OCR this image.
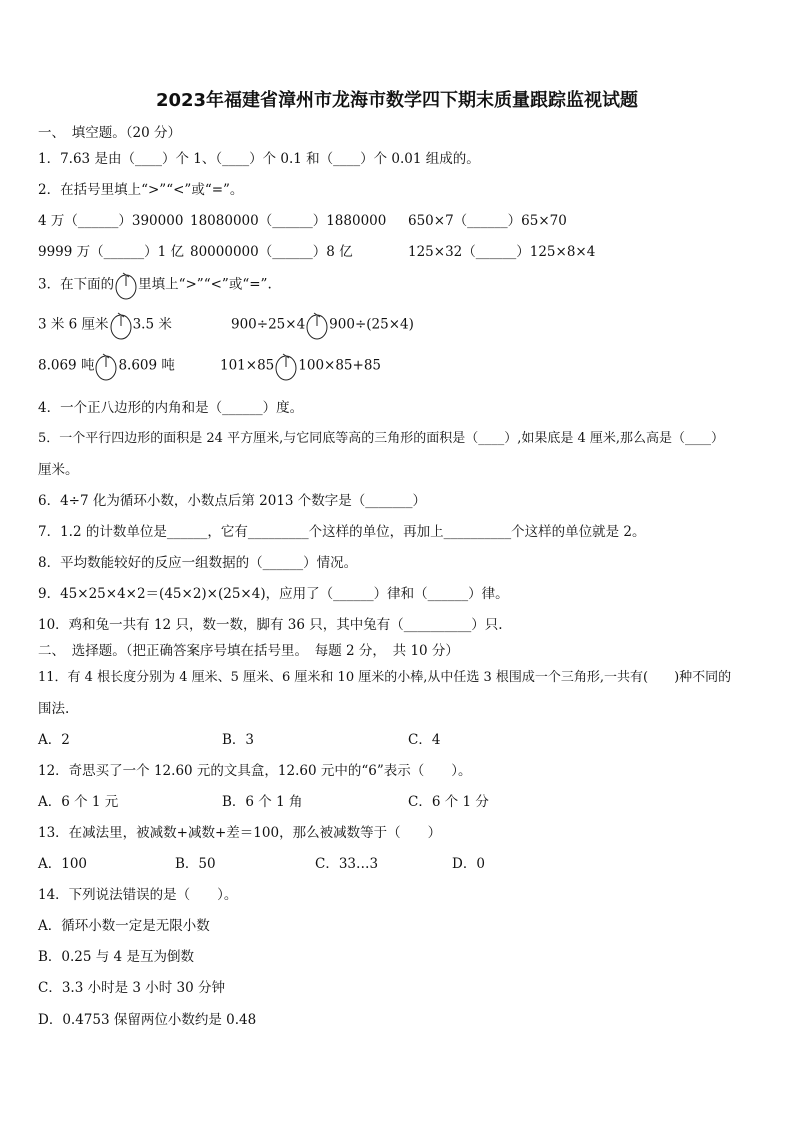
2023年福建省漳州市龙海市数学四下期末质量跟踪监视试题
一、　填空题。（20 分）
1．7.63 是由（____）个 1、（____）个 0.1 和（____）个 0.01 组成的。
2．在括号里填上“>”“<”或“=”。
4 万（______）390000 18080000（______）1880000 650×7（______）65×70
9999 万（______）1 亿 80000000（______）8 亿	125×32（______）125×8×4
3．在下面的 里填上“>”“<”或“=”.
3 米 6 厘米 3.5 米	900÷25×4 900÷(25×4)
8.069 吨 8.609 吨	101×85 100×85+85
4．一个正八边形的内角和是（______）度。
5．一个平行四边形的面积是 24 平方厘米,与它同底等高的三角形的面积是（____）,如果底是 4 厘米,那么高是（____）
厘米。
6．4÷7 化为循环小数，小数点后第 2013 个数字是（_______）
7．1.2 的计数单位是______，它有_________个这样的单位，再加上__________个这样的单位就是 2。
8．平均数能较好的反应一组数据的（______）情况。
9．45×25×4×2＝(45×2)×(25×4)，应用了（______）律和（______）律。
10．鸡和兔一共有 12 只，数一数，脚有 36 只，其中兔有（__________）只.
二、　选择题。（把正确答案序号填在括号里。　每题 2 分，　共 10 分）
11．有 4 根长度分别为 4 厘米、5 厘米、6 厘米和 10 厘米的小棒,从中任选 3 根围成一个三角形,一共有(　　)种不同的
围法.
A．2	B．3	C．4
12．奇思买了一个 12.60 元的文具盒，12.60 元中的“6”表示（　　）。
A．6 个 1 元	B．6 个 1 角	C．6 个 1 分
13．在减法里，被减数+减数+差＝100，那么被减数等于（　　）
A．100	B．50	C．33…3	D．0
14．下列说法错误的是（　　）。
A．循环小数一定是无限小数
B．0.25 与 4 是互为倒数
C．3.3 小时是 3 小时 30 分钟
D．0.4753 保留两位小数约是 0.48
